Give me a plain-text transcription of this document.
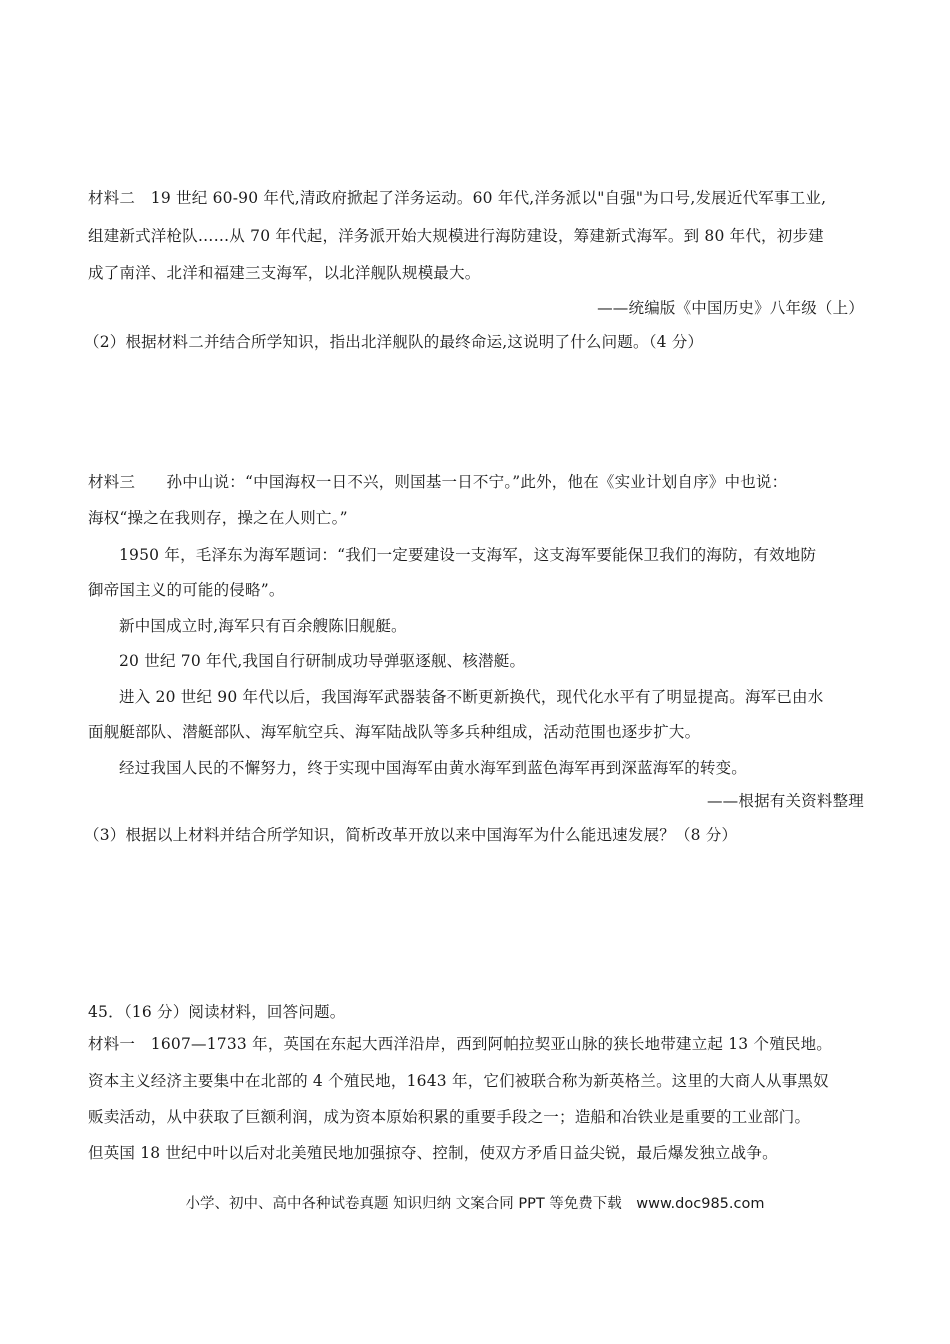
材料二　19 世纪 60-90 年代,清政府掀起了洋务运动。60 年代,洋务派以"自强"为口号,发展近代军事工业,
组建新式洋枪队……从 70 年代起，洋务派开始大规模进行海防建设，筹建新式海军。到 80 年代，初步建
成了南洋、北洋和福建三支海军，以北洋舰队规模最大。
——统编版《中国历史》八年级（上）
（2）根据材料二并结合所学知识，指出北洋舰队的最终命运,这说明了什么问题。（4 分）
材料三　　孙中山说：“中国海权一日不兴，则国基一日不宁。”此外，他在《实业计划自序》中也说：
海权“操之在我则存，操之在人则亡。”
1950 年，毛泽东为海军题词：“我们一定要建设一支海军，这支海军要能保卫我们的海防，有效地防
御帝国主义的可能的侵略”。
新中国成立时,海军只有百余艘陈旧舰艇。
20 世纪 70 年代,我国自行研制成功导弹驱逐舰、核潜艇。
进入 20 世纪 90 年代以后，我国海军武器装备不断更新换代，现代化水平有了明显提高。海军已由水
面舰艇部队、潜艇部队、海军航空兵、海军陆战队等多兵种组成，活动范围也逐步扩大。
经过我国人民的不懈努力，终于实现中国海军由黄水海军到蓝色海军再到深蓝海军的转变。
——根据有关资料整理
（3）根据以上材料并结合所学知识，简析改革开放以来中国海军为什么能迅速发展？（8 分）
45．（16 分）阅读材料，回答问题。
材料一　1607—1733 年，英国在东起大西洋沿岸，西到阿帕拉契亚山脉的狭长地带建立起 13 个殖民地。
资本主义经济主要集中在北部的 4 个殖民地，1643 年，它们被联合称为新英格兰。这里的大商人从事黑奴
贩卖活动，从中获取了巨额利润，成为资本原始积累的重要手段之一；造船和冶铁业是重要的工业部门。
但英国 18 世纪中叶以后对北美殖民地加强掠夺、控制，使双方矛盾日益尖锐，最后爆发独立战争。
小学、初中、高中各种试卷真题 知识归纳 文案合同 PPT 等免费下载　www.doc985.com
